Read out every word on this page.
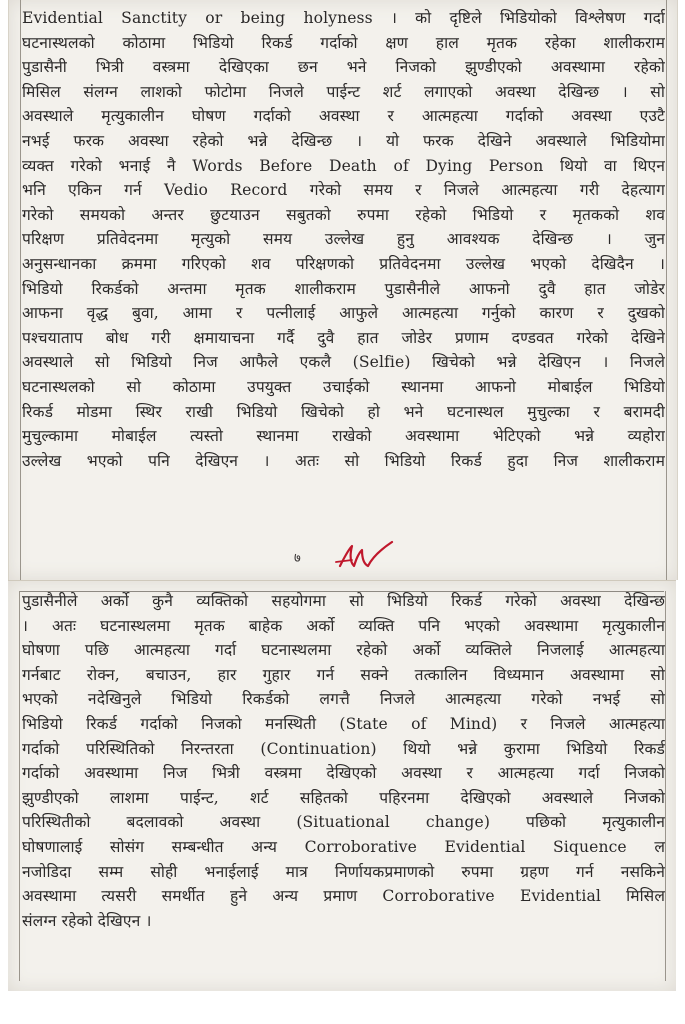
Evidential Sanctity or being holyness । को दृष्टिले भिडियोको विश्लेषण गर्दा
घटनास्थलको कोठामा भिडियो रिकर्ड गर्दाको क्षण हाल मृतक रहेका शालीकराम
पुडासैनी भित्री वस्त्रमा देखिएका छन भने निजको झुण्डीएको अवस्थामा रहेको
मिसिल संलग्न लाशको फोटोमा निजले पाईन्ट शर्ट लगाएको अवस्था देखिन्छ । सो
अवस्थाले मृत्युकालीन घोषण गर्दाको अवस्था र आत्महत्या गर्दाको अवस्था एउटै
नभई फरक अवस्था रहेको भन्ने देखिन्छ । यो फरक देखिने अवस्थाले भिडियोमा
व्यक्त गरेको भनाई नै Words Before Death of Dying Person थियो वा थिएन
भनि एकिन गर्न Vedio Record गरेको समय र निजले आत्महत्या गरी देहत्याग
गरेको समयको अन्तर छुटयाउन सबुतको रुपमा रहेको भिडियो र मृतकको शव
परिक्षण प्रतिवेदनमा मृत्युको समय उल्लेख हुनु आवश्यक देखिन्छ । जुन
अनुसन्धानका क्रममा गरिएको शव परिक्षणको प्रतिवेदनमा उल्लेख भएको देखिदैन ।
भिडियो रिकर्डको अन्तमा मृतक शालीकराम पुडासैनीले आफनो दुवै हात जोडेर
आफना वृद्ध बुवा, आमा र पत्नीलाई आफुले आत्महत्या गर्नुको कारण र दुखको
पश्चयाताप बोध गरी क्षमायाचना गर्दै दुवै हात जोडेर प्रणाम दण्डवत गरेको देखिने
अवस्थाले सो भिडियो निज आफैले एकलै (Selfie) खिचेको भन्ने देखिएन । निजले
घटनास्थलको सो कोठामा उपयुक्त उचाईको स्थानमा आफनो मोबाईल भिडियो
रिकर्ड मोडमा स्थिर राखी भिडियो खिचेको हो भने घटनास्थल मुचुल्का र बरामदी
मुचुल्कामा मोबाईल त्यस्तो स्थानमा राखेको अवस्थामा भेटिएको भन्ने व्यहोरा
उल्लेख भएको पनि देखिएन । अतः सो भिडियो रिकर्ड हुदा निज शालीकराम
७
पुडासैनीले अर्को कुनै व्यक्तिको सहयोगमा सो भिडियो रिकर्ड गरेको अवस्था देखिन्छ
। अतः घटनास्थलमा मृतक बाहेक अर्को व्यक्ति पनि भएको अवस्थामा मृत्युकालीन
घोषणा पछि आत्महत्या गर्दा घटनास्थलमा रहेको अर्को व्यक्तिले निजलाई आत्महत्या
गर्नबाट रोक्न, बचाउन, हार गुहार गर्न सक्ने तत्कालिन विध्यमान अवस्थामा सो
भएको नदेखिनुले भिडियो रिकर्डको लगत्तै निजले आत्महत्या गरेको नभई सो
भिडियो रिकर्ड गर्दाको निजको मनस्थिती (State of Mind) र निजले आत्महत्या
गर्दाको परिस्थितिको निरन्तरता (Continuation) थियो भन्ने कुरामा भिडियो रिकर्ड
गर्दाको अवस्थामा निज भित्री वस्त्रमा देखिएको अवस्था र आत्महत्या गर्दा निजको
झुण्डीएको लाशमा पाईन्ट, शर्ट सहितको पहिरनमा देखिएको अवस्थाले निजको
परिस्थितीको बदलावको अवस्था (Situational change) पछिको मृत्युकालीन
घोषणालाई सोसंग सम्बन्धीत अन्य Corroborative Evidential Siquence ल
नजोडिदा सम्म सोही भनाईलाई मात्र निर्णायकप्रमाणको रुपमा ग्रहण गर्न नसकिने
अवस्थामा त्यसरी समर्थीत हुने अन्य प्रमाण Corroborative Evidential मिसिल
संलग्न रहेको देखिएन ।
